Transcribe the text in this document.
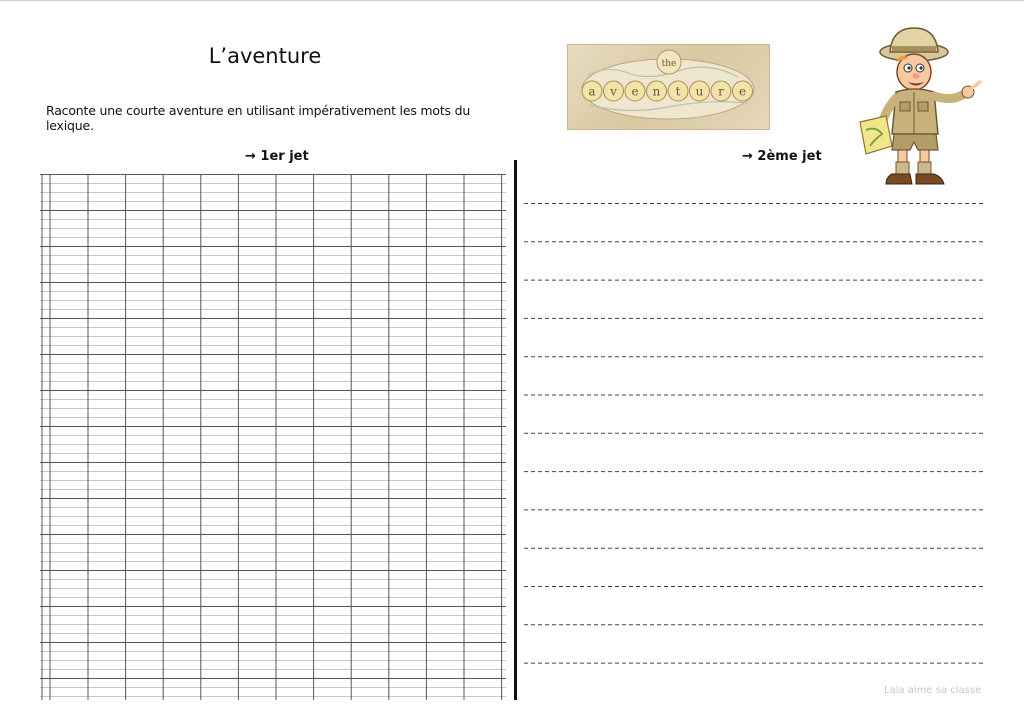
L’aventure
Raconte une courte aventure en utilisant impérativement les mots du lexique.
→ 1er jet	→ 2ème jet
the
a v e n t u r e
Lala aime sa classe
